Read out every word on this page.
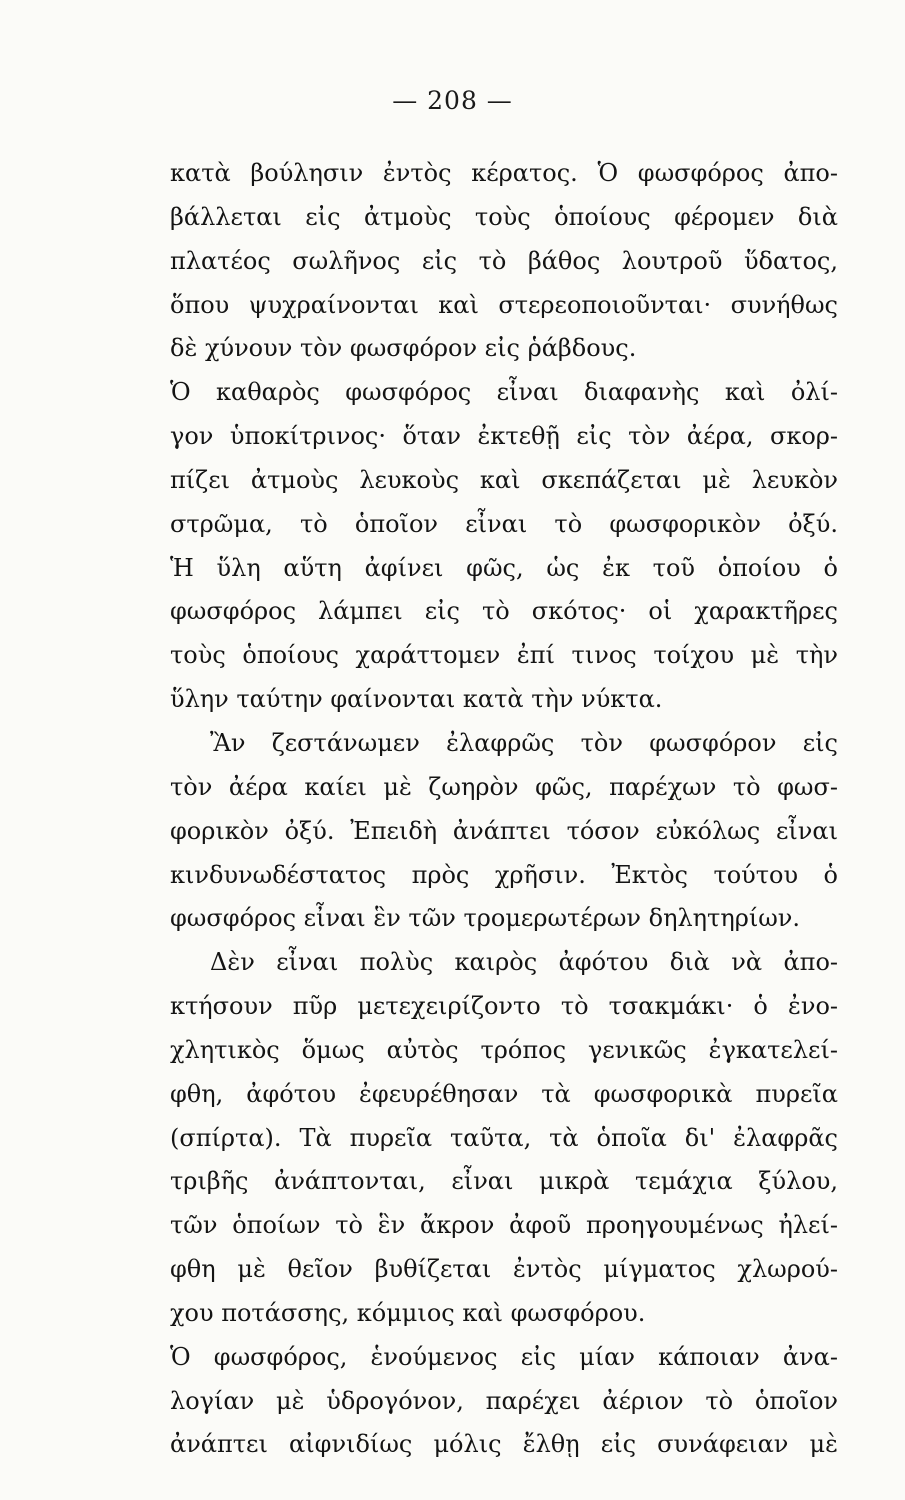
— 208 —
κατὰ βούλησιν ἐντὸς κέρατος. Ὁ φωσφόρος ἀπο-
βάλλεται εἰς ἀτμοὺς τοὺς ὁποίους φέρομεν διὰ
πλατέος σωλῆνος εἰς τὸ βάθος λουτροῦ ὕδατος,
ὅπου ψυχραίνονται καὶ στερεοποιοῦνται· συνήθως
δὲ χύνουν τὸν φωσφόρον εἰς ῥάβδους.
Ὁ καθαρὸς φωσφόρος εἶναι διαφανὴς καὶ ὀλί-
γον ὑποκίτρινος· ὅταν ἐκτεθῇ εἰς τὸν ἀέρα, σκορ-
πίζει ἀτμοὺς λευκοὺς καὶ σκεπάζεται μὲ λευκὸν
στρῶμα, τὸ ὁποῖον εἶναι τὸ φωσφορικὸν ὀξύ.
Ἡ ὕλη αὕτη ἀφίνει φῶς, ὡς ἐκ τοῦ ὁποίου ὁ
φωσφόρος λάμπει εἰς τὸ σκότος· οἱ χαρακτῆρες
τοὺς ὁποίους χαράττομεν ἐπί τινος τοίχου μὲ τὴν
ὕλην ταύτην φαίνονται κατὰ τὴν νύκτα.
Ἂν ζεστάνωμεν ἐλαφρῶς τὸν φωσφόρον εἰς
τὸν ἀέρα καίει μὲ ζωηρὸν φῶς, παρέχων τὸ φωσ-
φορικὸν ὀξύ. Ἐπειδὴ ἀνάπτει τόσον εὐκόλως εἶναι
κινδυνωδέστατος πρὸς χρῆσιν. Ἐκτὸς τούτου ὁ
φωσφόρος εἶναι ἓν τῶν τρομερωτέρων δηλητηρίων.
Δὲν εἶναι πολὺς καιρὸς ἀφότου διὰ νὰ ἀπο-
κτήσουν πῦρ μετεχειρίζοντο τὸ τσακμάκι· ὁ ἐνο-
χλητικὸς ὅμως αὐτὸς τρόπος γενικῶς ἐγκατελεί-
φθη, ἀφότου ἐφευρέθησαν τὰ φωσφορικὰ πυρεῖα
(σπίρτα). Τὰ πυρεῖα ταῦτα, τὰ ὁποῖα δι' ἐλαφρᾶς
τριβῆς ἀνάπτονται, εἶναι μικρὰ τεμάχια ξύλου,
τῶν ὁποίων τὸ ἓν ἄκρον ἀφοῦ προηγουμένως ἠλεί-
φθη μὲ θεῖον βυθίζεται ἐντὸς μίγματος χλωρού-
χου ποτάσσης, κόμμιος καὶ φωσφόρου.
Ὁ φωσφόρος, ἑνούμενος εἰς μίαν κάποιαν ἀνα-
λογίαν μὲ ὑδρογόνον, παρέχει ἀέριον τὸ ὁποῖον
ἀνάπτει αἰφνιδίως μόλις ἔλθῃ εἰς συνάφειαν μὲ
